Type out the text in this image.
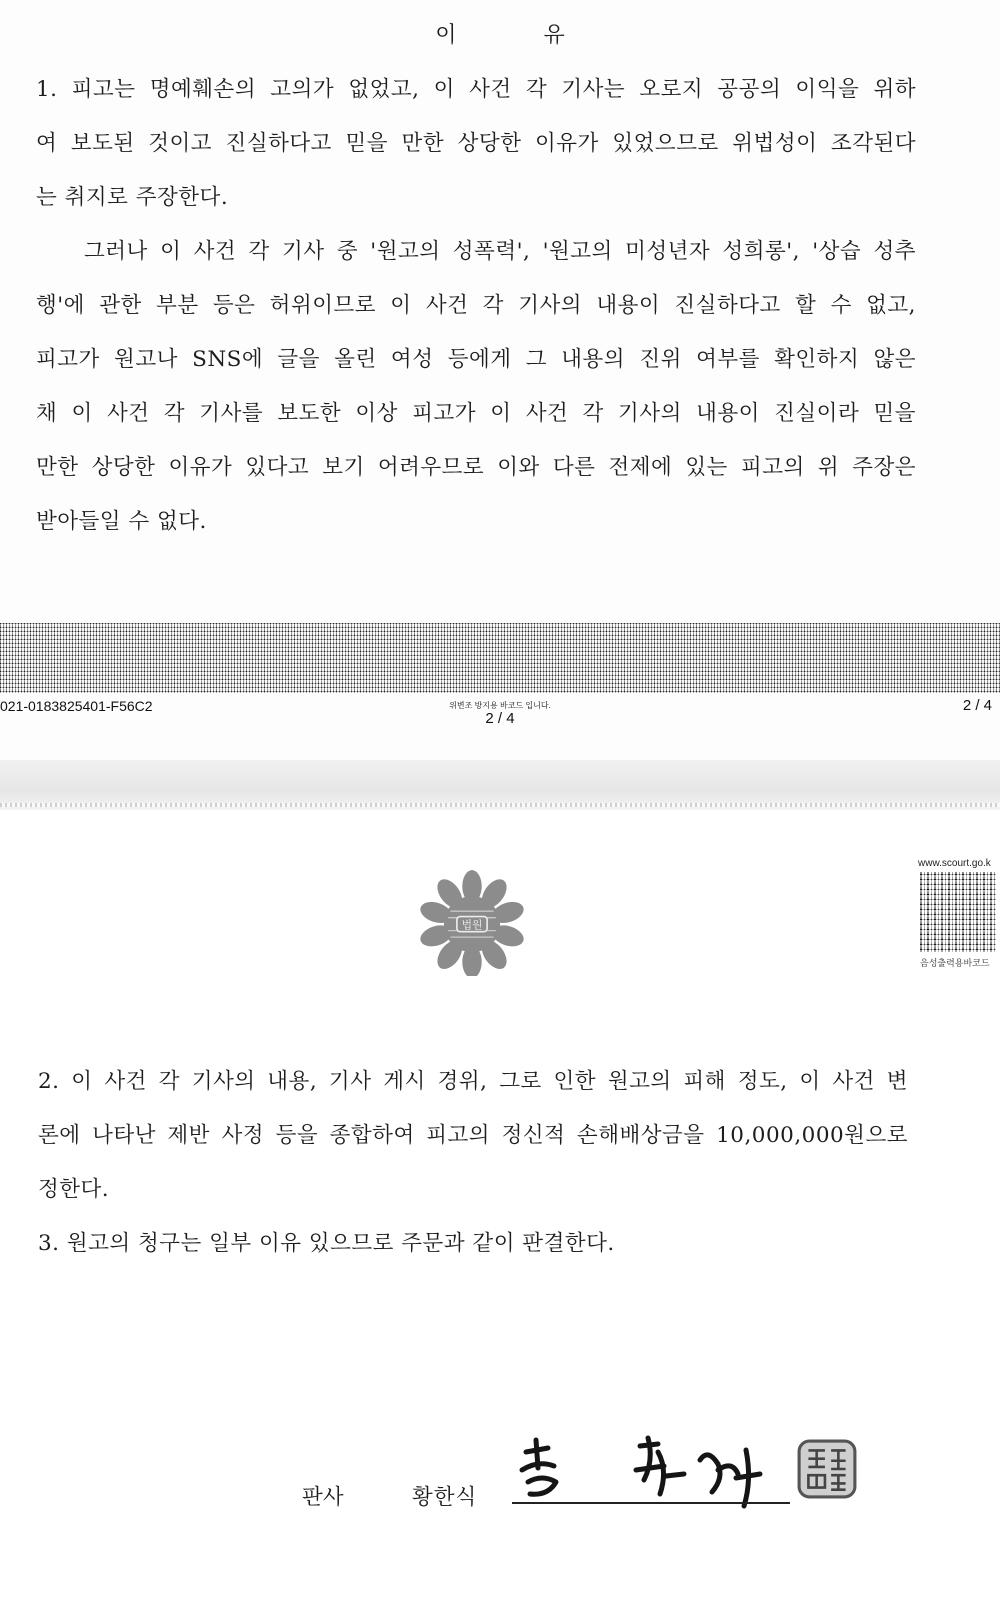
이	유
1. 피고는 명예훼손의 고의가 없었고, 이 사건 각 기사는 오로지 공공의 이익을 위하
여 보도된 것이고 진실하다고 믿을 만한 상당한 이유가 있었으므로 위법성이 조각된다
는 취지로 주장한다.
그러나 이 사건 각 기사 중 '원고의 성폭력', '원고의 미성년자 성희롱', '상습 성추
행'에 관한 부분 등은 허위이므로 이 사건 각 기사의 내용이 진실하다고 할 수 없고,
피고가 원고나 SNS에 글을 올린 여성 등에게 그 내용의 진위 여부를 확인하지 않은
채 이 사건 각 기사를 보도한 이상 피고가 이 사건 각 기사의 내용이 진실이라 믿을
만한 상당한 이유가 있다고 보기 어려우므로 이와 다른 전제에 있는 피고의 위 주장은
받아들일 수 없다.
021-0183825401-F56C2	위변조 방지용 바코드 입니다.
2 / 4
2 / 4
법원
www.scourt.go.k
음성출력용바코드
2. 이 사건 각 기사의 내용, 기사 게시 경위, 그로 인한 원고의 피해 정도, 이 사건 변
론에 나타난 제반 사정 등을 종합하여 피고의 정신적 손해배상금을 10,000,000원으로
정한다.
3. 원고의 청구는 일부 이유 있으므로 주문과 같이 판결한다.
판사	황한식
